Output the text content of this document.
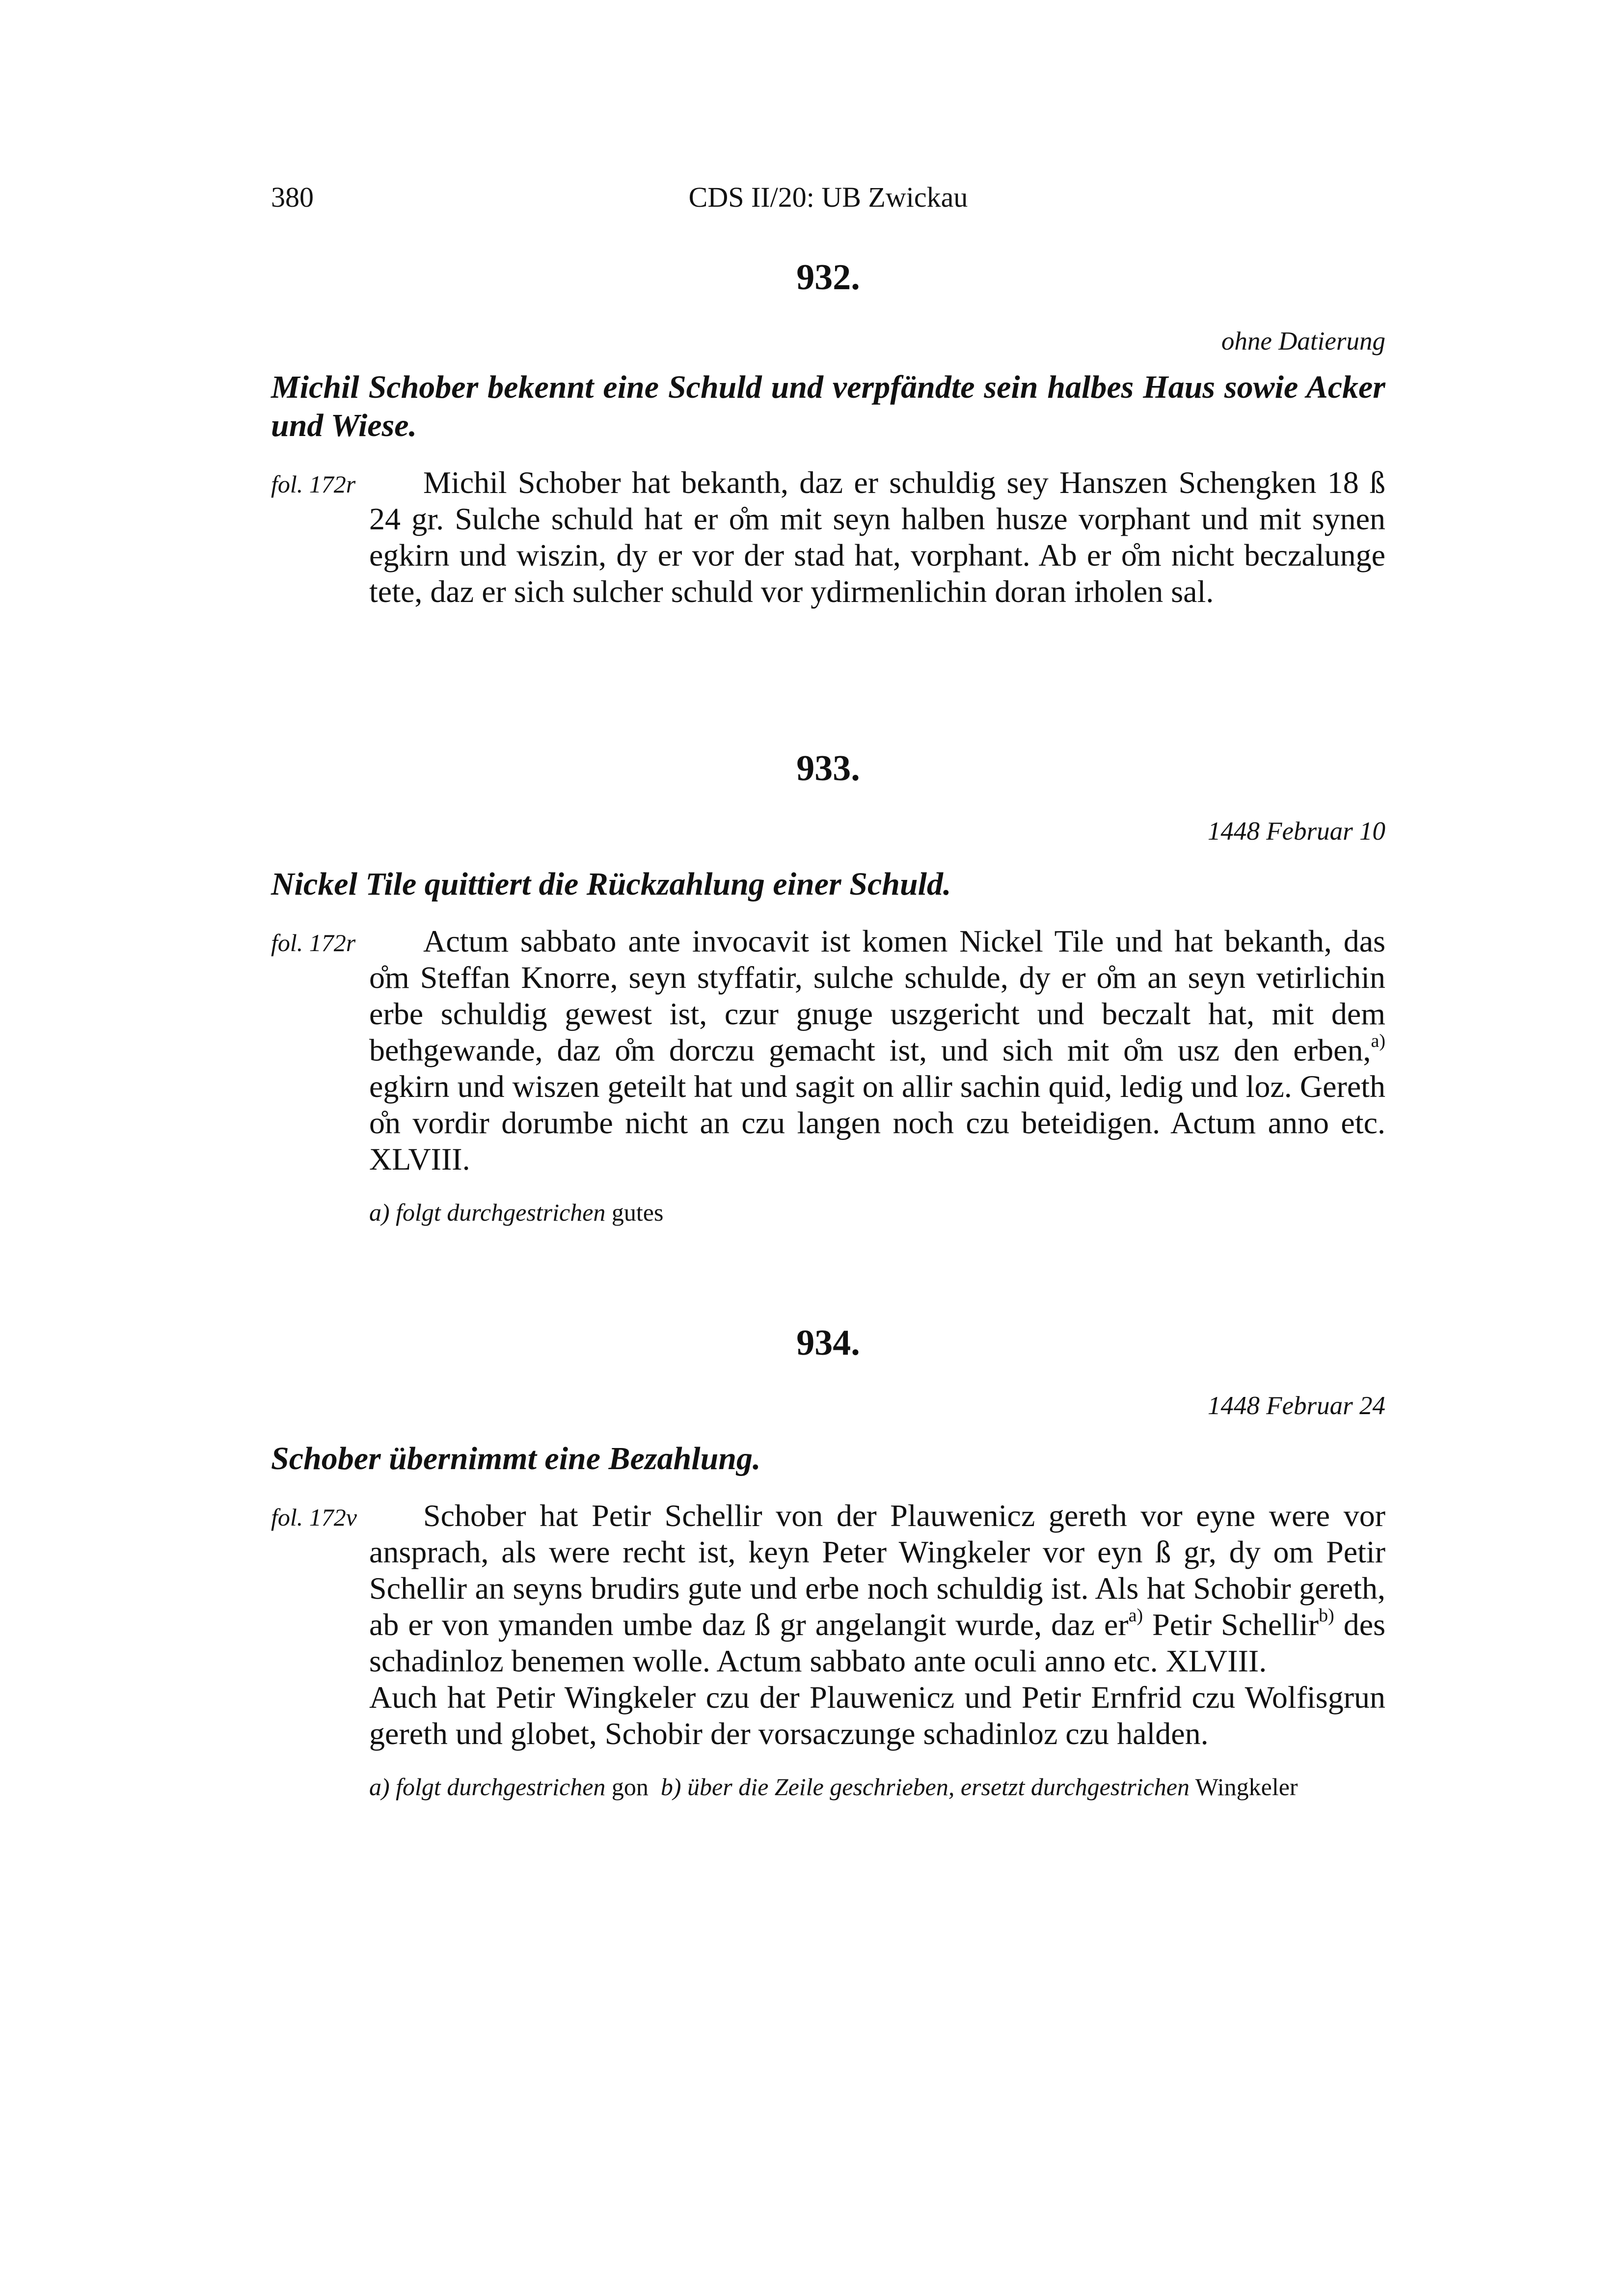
380	CDS II/20: UB Zwickau
932.
ohne Datierung
Michil Schober bekennt eine Schuld und verpfändte sein halbes Haus sowie Acker und Wiese.
fol. 172r	Michil Schober hat bekanth, daz er schuldig sey Hanszen Schengken 18 ß 24 gr. Sulche schuld hat er o̊m mit seyn halben husze vorphant und mit synen egkirn und wiszin, dy er vor der stad hat, vorphant. Ab er o̊m nicht beczalunge tete, daz er sich sulcher schuld vor ydirmenlichin doran irholen sal.

933.
1448 Februar 10
Nickel Tile quittiert die Rückzahlung einer Schuld.
fol. 172r	Actum sabbato ante invocavit ist komen Nickel Tile und hat bekanth, das o̊m Steffan Knorre, seyn styffatir, sulche schulde, dy er o̊m an seyn vetirlichin erbe schuldig gewest ist, czur gnuge uszgericht und beczalt hat, mit dem bethgewande, daz o̊m dorczu gemacht ist, und sich mit o̊m usz den erben,$^{a)}$ egkirn und wiszen geteilt hat und sagit on allir sachin quid, ledig und loz. Gereth o̊n vordir dorumbe nicht an czu langen noch czu beteidigen. Actum anno etc. XLVIII.

a) folgt durchgestrichen gutes
934.
1448 Februar 24
Schober übernimmt eine Bezahlung.
fol. 172v	Schober hat Petir Schellir von der Plauwenicz gereth vor eyne were vor ansprach, als were recht ist, keyn Peter Wingkeler vor eyn ß gr, dy om Petir Schellir an seyns brudirs gute und erbe noch schuldig ist. Als hat Schobir gereth, ab er von ymanden umbe daz ß gr angelangit wurde, daz er$^{a)}$ Petir Schellir$^{b)}$ des schadinloz benemen wolle. Actum sabbato ante oculi anno etc. XLVIII.

Auch hat Petir Wingkeler czu der Plauwenicz und Petir Ernfrid czu Wolfisgrun gereth und globet, Schobir der vorsaczunge schadinloz czu halden.

a) folgt durchgestrichen gon b) über die Zeile geschrieben, ersetzt durchgestrichen Wingkeler
